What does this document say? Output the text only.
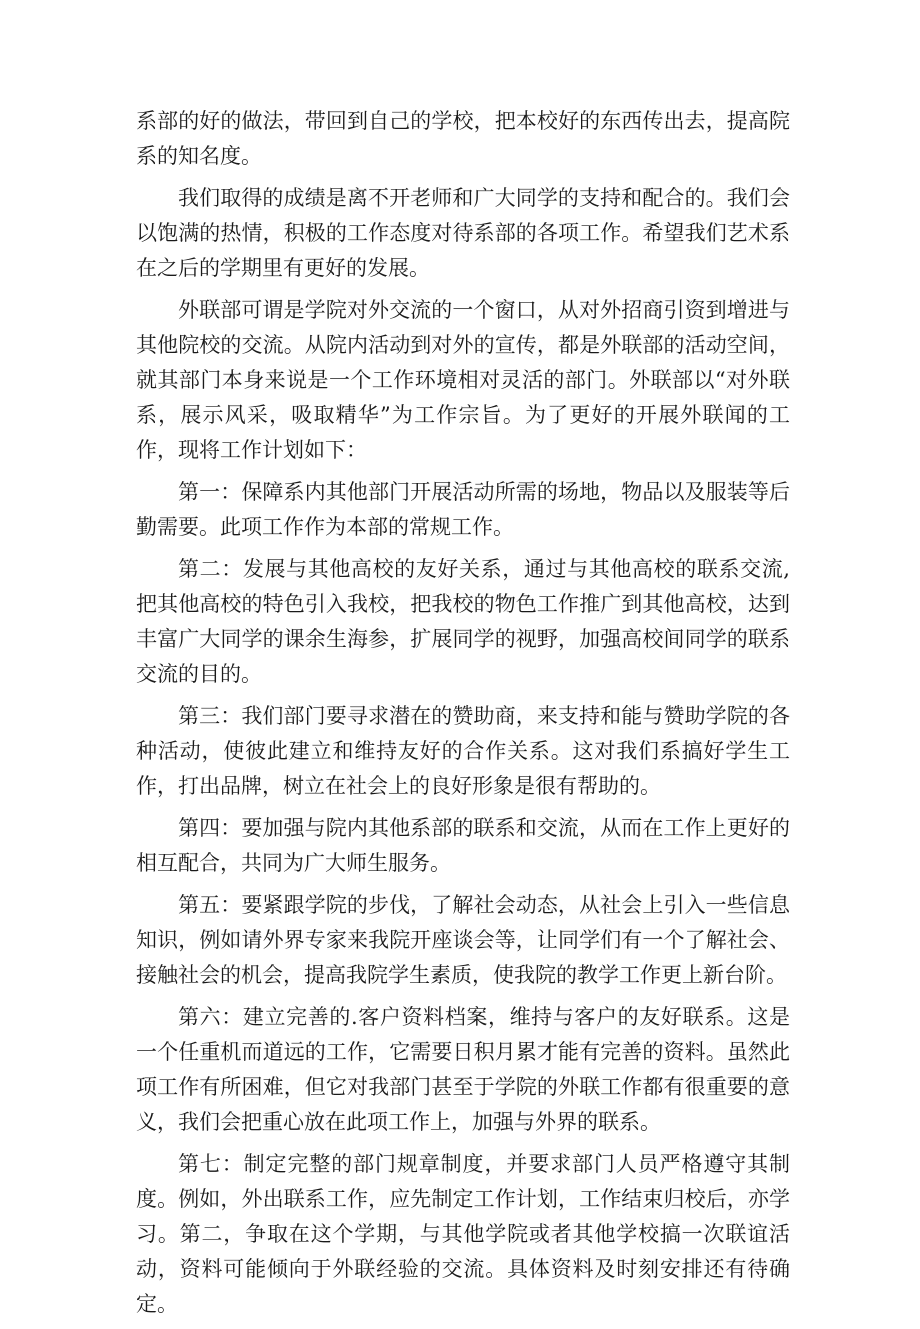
系部的好的做法，带回到自己的学校，把本校好的东西传出去，提高院系的知名度。

我们取得的成绩是离不开老师和广大同学的支持和配合的。我们会以饱满的热情，积极的工作态度对待系部的各项工作。希望我们艺术系在之后的学期里有更好的发展。

外联部可谓是学院对外交流的一个窗口，从对外招商引资到增进与其他院校的交流。从院内活动到对外的宣传，都是外联部的活动空间，就其部门本身来说是一个工作环境相对灵活的部门。外联部以“对外联系，展示风采，吸取精华”为工作宗旨。为了更好的开展外联闻的工作，现将工作计划如下：

第一：保障系内其他部门开展活动所需的场地，物品以及服装等后勤需要。此项工作作为本部的常规工作。

第二：发展与其他高校的友好关系，通过与其他高校的联系交流,把其他高校的特色引入我校，把我校的物色工作推广到其他高校，达到丰富广大同学的课余生海参，扩展同学的视野，加强高校间同学的联系交流的目的。

第三：我们部门要寻求潜在的赞助商，来支持和能与赞助学院的各种活动，使彼此建立和维持友好的合作关系。这对我们系搞好学生工作，打出品牌，树立在社会上的良好形象是很有帮助的。

第四：要加强与院内其他系部的联系和交流，从而在工作上更好的相互配合，共同为广大师生服务。

第五：要紧跟学院的步伐，了解社会动态，从社会上引入一些信息知识，例如请外界专家来我院开座谈会等，让同学们有一个了解社会、接触社会的机会，提高我院学生素质，使我院的教学工作更上新台阶。

第六：建立完善的.客户资料档案，维持与客户的友好联系。这是一个任重机而道远的工作，它需要日积月累才能有完善的资料。虽然此项工作有所困难，但它对我部门甚至于学院的外联工作都有很重要的意义，我们会把重心放在此项工作上，加强与外界的联系。

第七：制定完整的部门规章制度，并要求部门人员严格遵守其制度。例如，外出联系工作，应先制定工作计划，工作结束归校后，亦学习。第二，争取在这个学期，与其他学院或者其他学校搞一次联谊活动，资料可能倾向于外联经验的交流。具体资料及时刻安排还有待确定。
